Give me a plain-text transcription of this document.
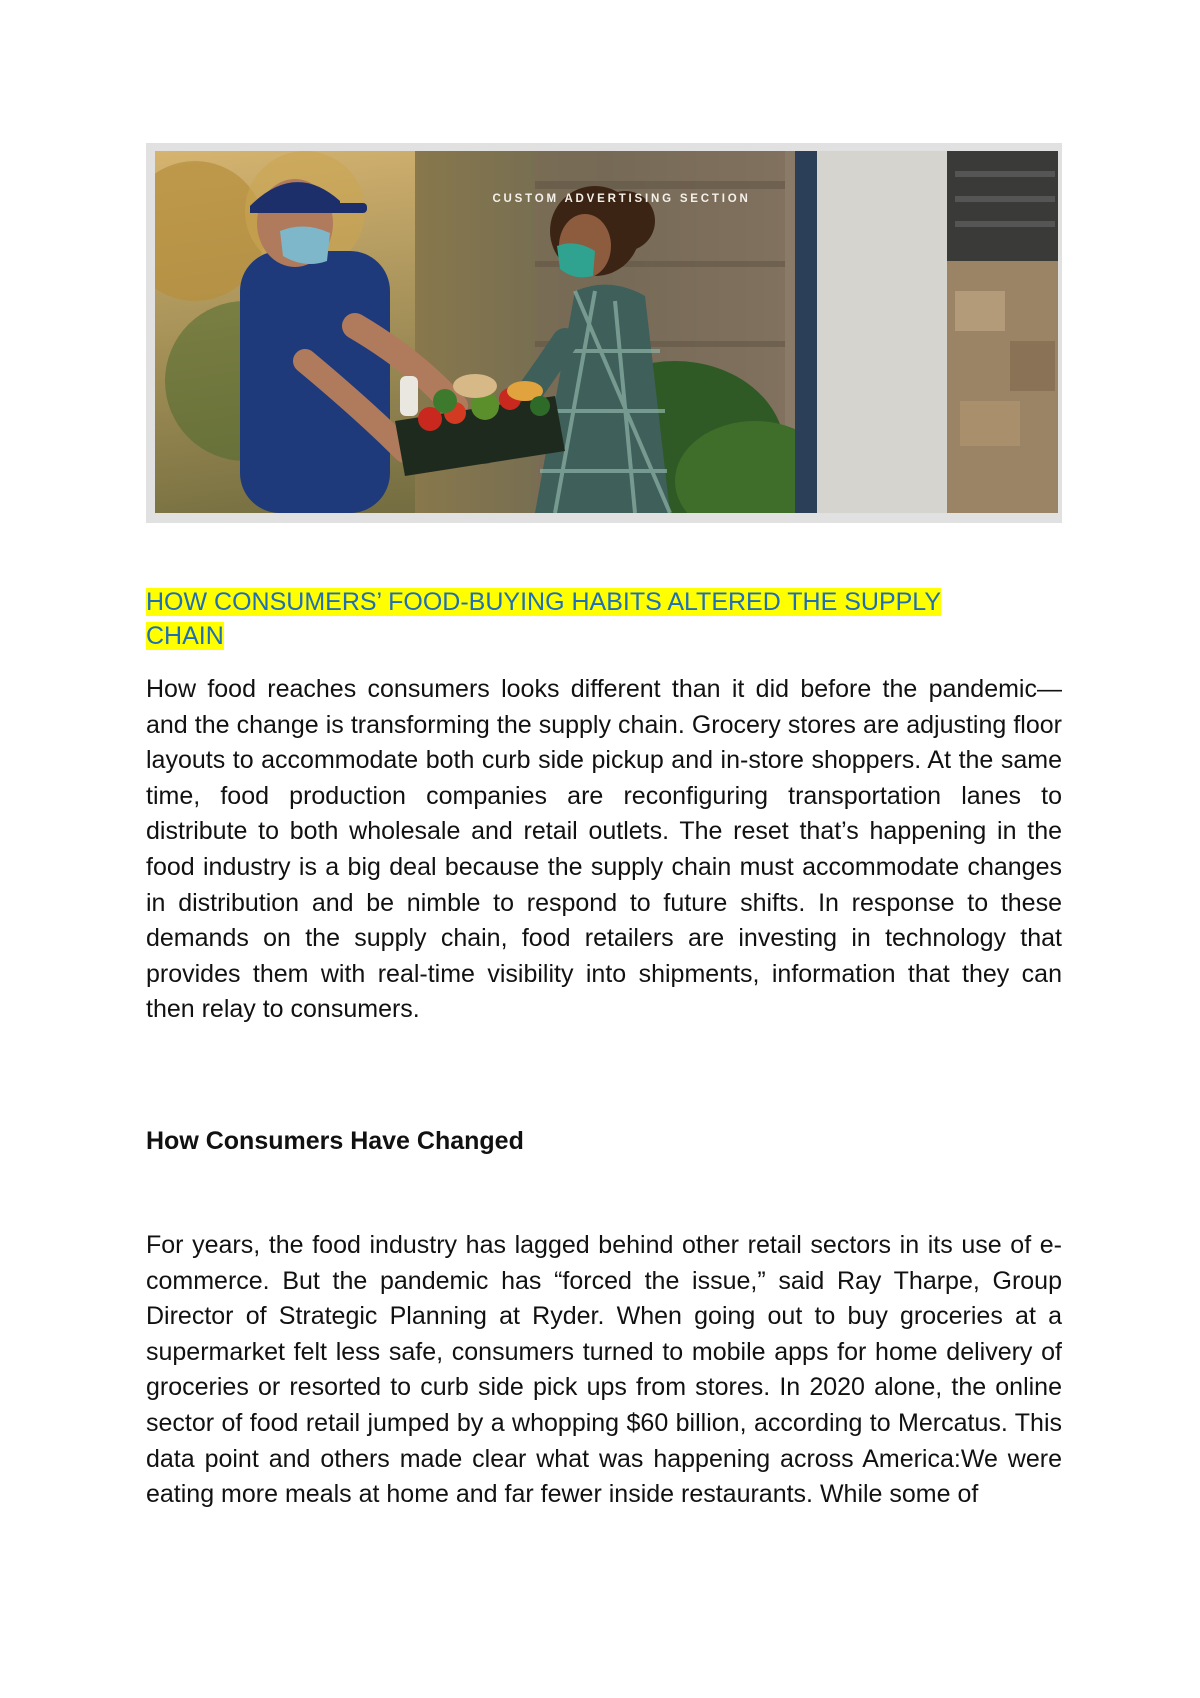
CUSTOM ADVERTISING SECTION
HOW CONSUMERS’ FOOD-BUYING HABITS ALTERED THE SUPPLY
CHAIN

How food reaches consumers looks different than it did before the pandemic— and the change is transforming the supply chain. Grocery stores are adjusting floor layouts to accommodate both curb side pickup and in-store shoppers. At the same time, food production companies are reconfiguring transportation lanes to distribute to both wholesale and retail outlets. The reset that’s happening in the food industry is a big deal because the supply chain must accommodate changes in distribution and be nimble to respond to future shifts. In response to these demands on the supply chain, food retailers are investing in technology that provides them with real-time visibility into shipments, information that they can then relay to consumers.

How Consumers Have Changed

For years, the food industry has lagged behind other retail sectors in its use of e-commerce. But the pandemic has “forced the issue,” said Ray Tharpe, Group Director of Strategic Planning at Ryder. When going out to buy groceries at a supermarket felt less safe, consumers turned to mobile apps for home delivery of groceries or resorted to curb side pick ups from stores. In 2020 alone, the online sector of food retail jumped by a whopping $60 billion, according to Mercatus. This data point and others made clear what was happening across America:We were eating more meals at home and far fewer inside restaurants. While some of
